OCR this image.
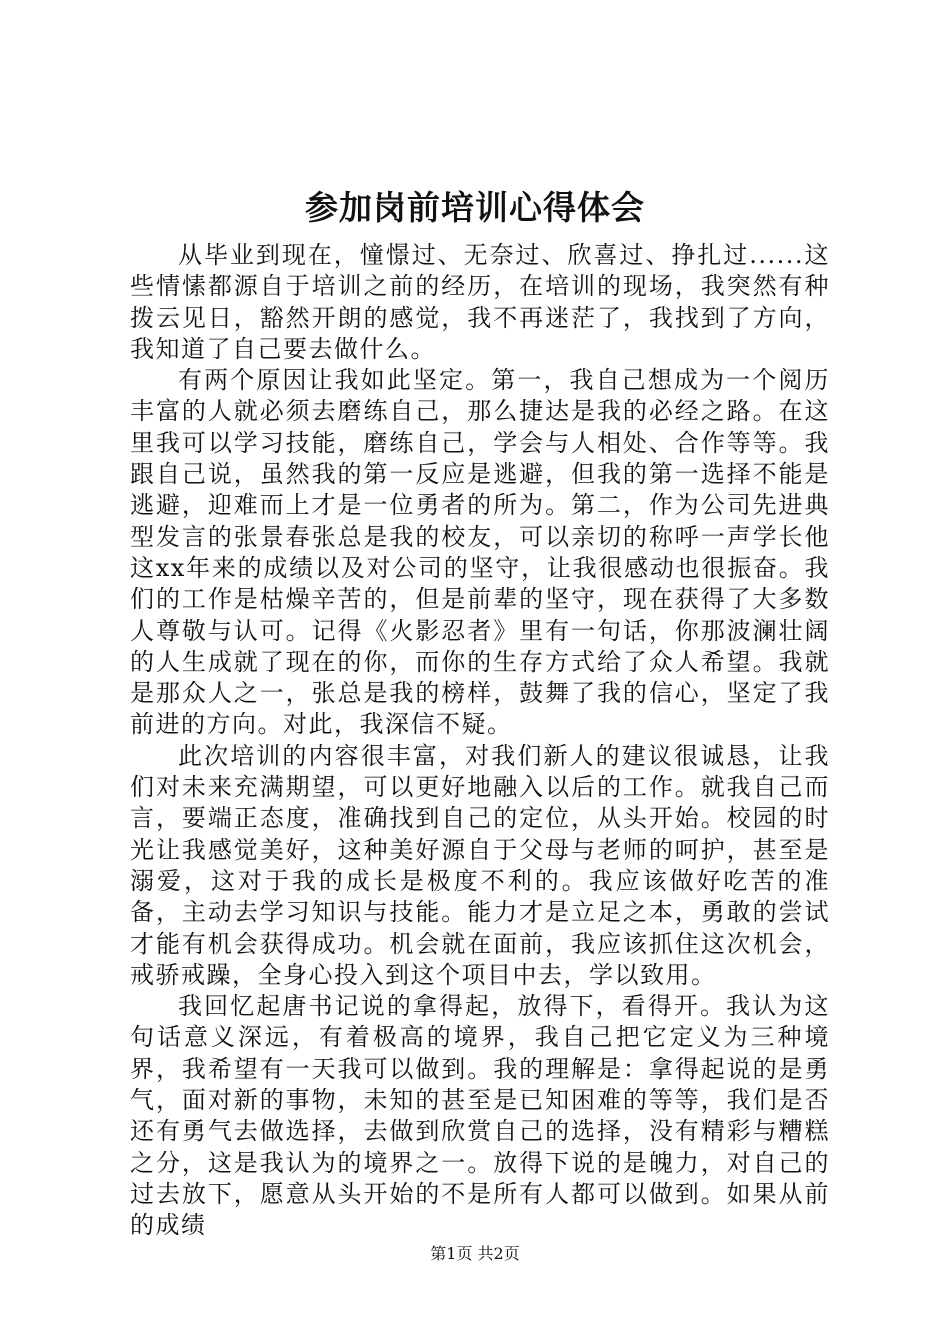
参加岗前培训心得体会

从毕业到现在，憧憬过、无奈过、欣喜过、挣扎过......这些情愫都源自于培训之前的经历，在培训的现场，我突然有种拨云见日，豁然开朗的感觉，我不再迷茫了，我找到了方向，我知道了自己要去做什么。

有两个原因让我如此坚定。第一，我自己想成为一个阅历丰富的人就必须去磨练自己，那么捷达是我的必经之路。在这里我可以学习技能，磨练自己，学会与人相处、合作等等。我跟自己说，虽然我的第一反应是逃避，但我的第一选择不能是逃避，迎难而上才是一位勇者的所为。第二，作为公司先进典型发言的张景春张总是我的校友，可以亲切的称呼一声学长他这xx年来的成绩以及对公司的坚守，让我很感动也很振奋。我们的工作是枯燥辛苦的，但是前辈的坚守，现在获得了大多数人尊敬与认可。记得《火影忍者》里有一句话，你那波澜壮阔的人生成就了现在的你，而你的生存方式给了众人希望。我就是那众人之一，张总是我的榜样，鼓舞了我的信心，坚定了我前进的方向。对此，我深信不疑。

此次培训的内容很丰富，对我们新人的建议很诚恳，让我们对未来充满期望，可以更好地融入以后的工作。就我自己而言，要端正态度，准确找到自己的定位，从头开始。校园的时光让我感觉美好，这种美好源自于父母与老师的呵护，甚至是溺爱，这对于我的成长是极度不利的。我应该做好吃苦的准备，主动去学习知识与技能。能力才是立足之本，勇敢的尝试才能有机会获得成功。机会就在面前，我应该抓住这次机会，戒骄戒躁，全身心投入到这个项目中去，学以致用。

我回忆起唐书记说的拿得起，放得下，看得开。我认为这句话意义深远，有着极高的境界，我自己把它定义为三种境界，我希望有一天我可以做到。我的理解是：拿得起说的是勇气，面对新的事物，未知的甚至是已知困难的等等，我们是否还有勇气去做选择，去做到欣赏自己的选择，没有精彩与糟糕之分，这是我认为的境界之一。放得下说的是魄力，对自己的过去放下，愿意从头开始的不是所有人都可以做到。如果从前的成绩

第1页 共2页
